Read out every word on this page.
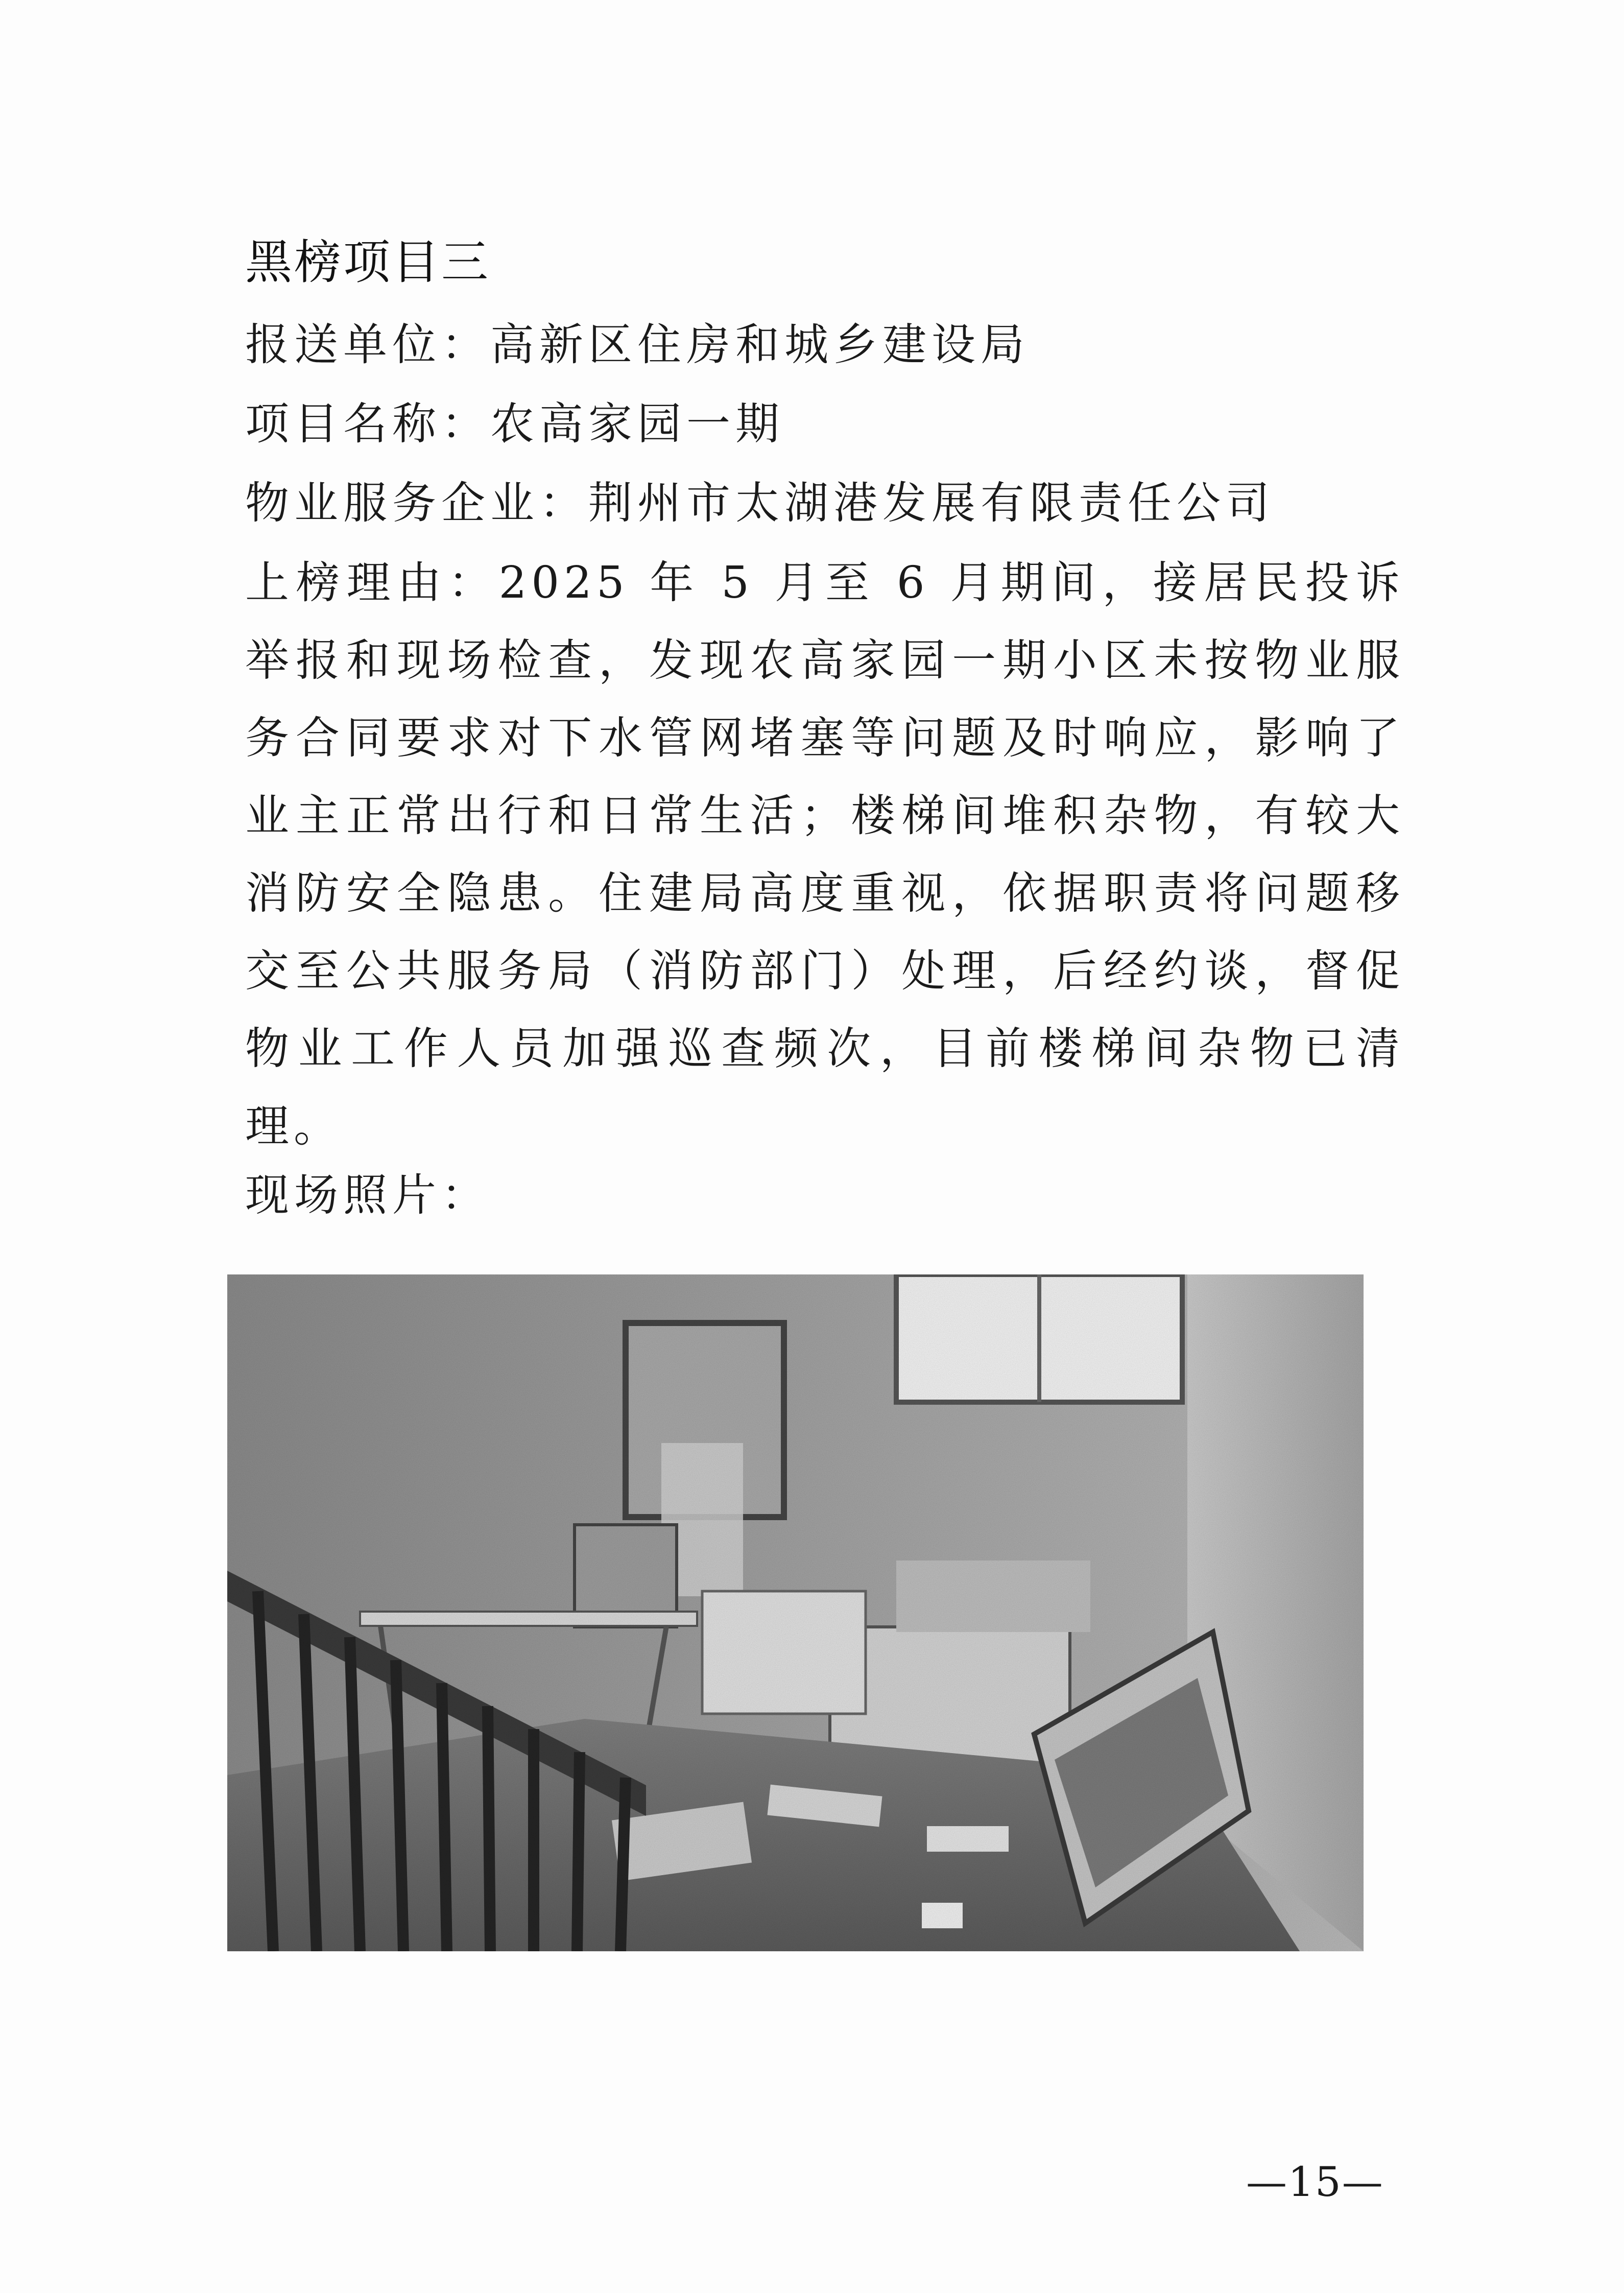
黑榜项目三
报送单位：高新区住房和城乡建设局
项目名称：农高家园一期
物业服务企业：荆州市太湖港发展有限责任公司
上榜理由：2025 年 5 月至 6 月期间，接居民投诉举报和现场检查，发现农高家园一期小区未按物业服务合同要求对下水管网堵塞等问题及时响应，影响了业主正常出行和日常生活；楼梯间堆积杂物，有较大消防安全隐患。住建局高度重视，依据职责将问题移交至公共服务局（消防部门）处理，后经约谈，督促物业工作人员加强巡查频次，目前楼梯间杂物已清理。
现场照片：
—15—
